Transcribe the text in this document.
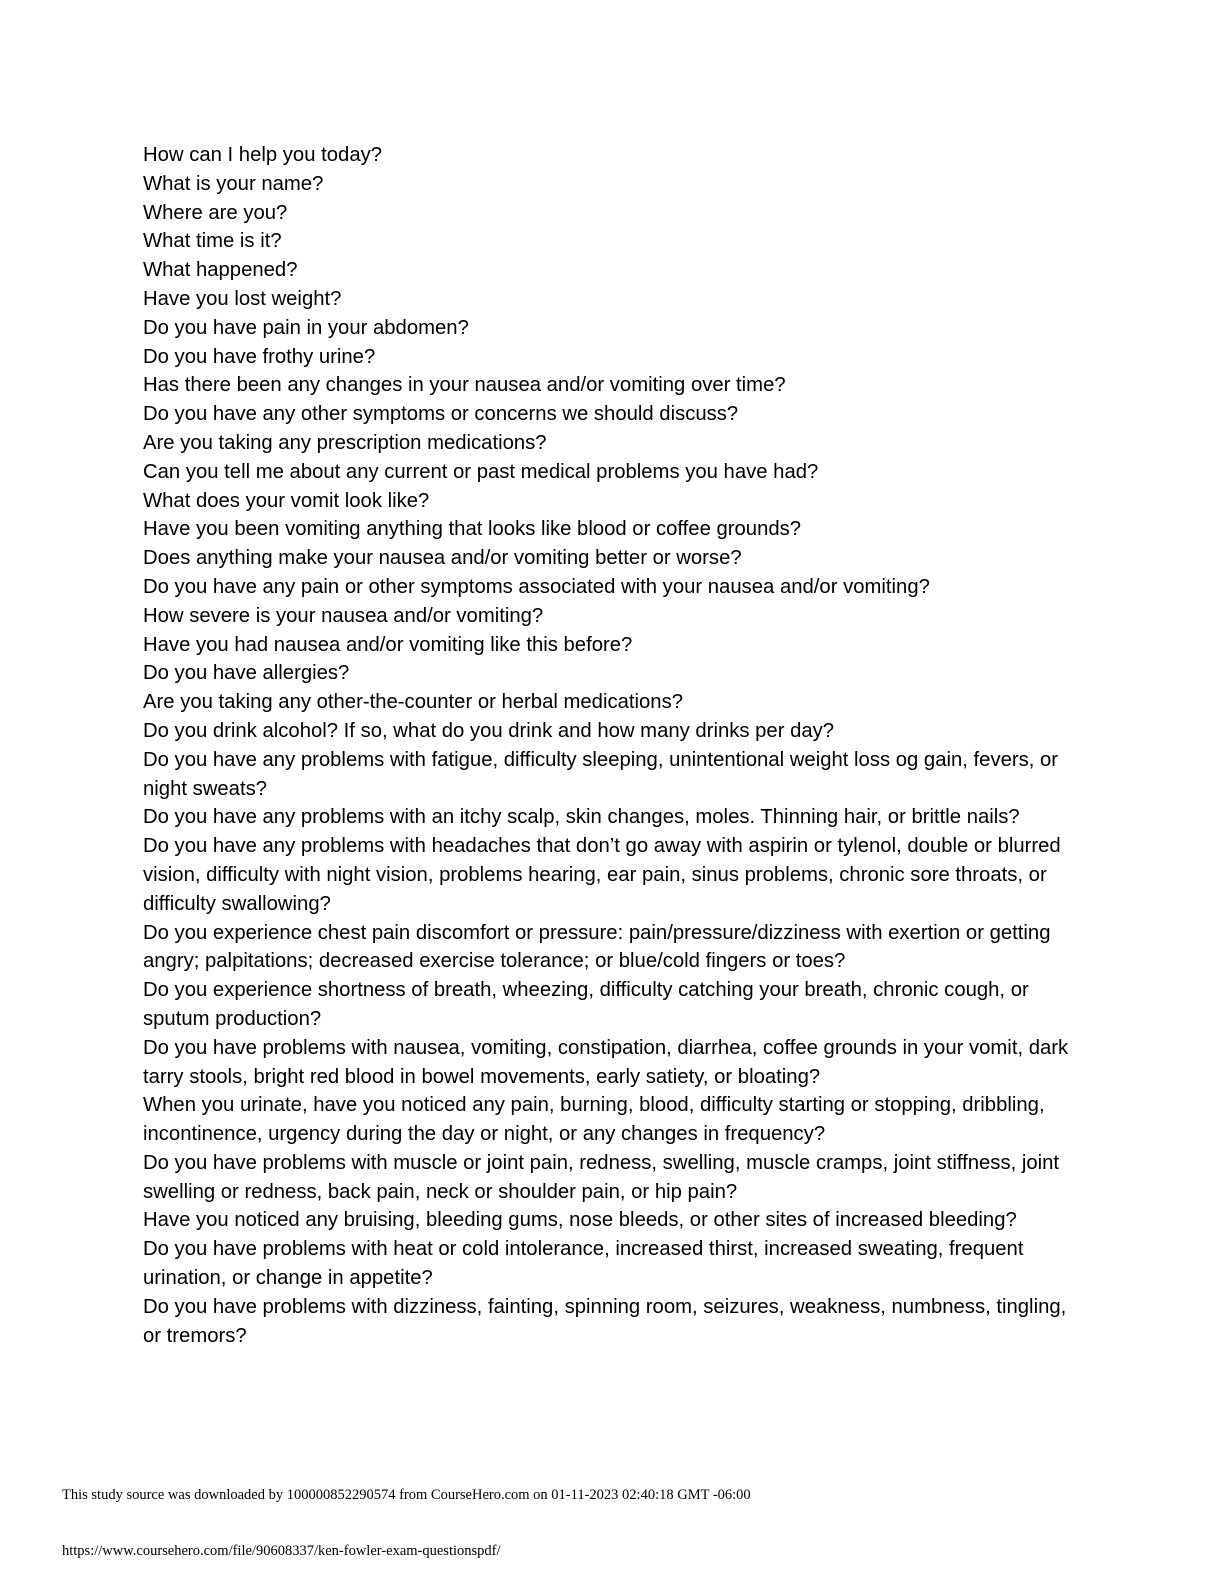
How can I help you today?
What is your name?
Where are you?
What time is it?
What happened?
Have you lost weight?
Do you have pain in your abdomen?
Do you have frothy urine?
Has there been any changes in your nausea and/or vomiting over time?
Do you have any other symptoms or concerns we should discuss?
Are you taking any prescription medications?
Can you tell me about any current or past medical problems you have had?
What does your vomit look like?
Have you been vomiting anything that looks like blood or coffee grounds?
Does anything make your nausea and/or vomiting better or worse?
Do you have any pain or other symptoms associated with your nausea and/or vomiting?
How severe is your nausea and/or vomiting?
Have you had nausea and/or vomiting like this before?
Do you have allergies?
Are you taking any other-the-counter or herbal medications?
Do you drink alcohol? If so, what do you drink and how many drinks per day?
Do you have any problems with fatigue, difficulty sleeping, unintentional weight loss og gain, fevers, or night sweats?
Do you have any problems with an itchy scalp, skin changes, moles. Thinning hair, or brittle nails?
Do you have any problems with headaches that don’t go away with aspirin or tylenol, double or blurred vision, difficulty with night vision, problems hearing, ear pain, sinus problems, chronic sore throats, or difficulty swallowing?
Do you experience chest pain discomfort or pressure: pain/pressure/dizziness with exertion or getting angry; palpitations; decreased exercise tolerance; or blue/cold fingers or toes?
Do you experience shortness of breath, wheezing, difficulty catching your breath, chronic cough, or sputum production?
Do you have problems with nausea, vomiting, constipation, diarrhea, coffee grounds in your vomit, dark tarry stools, bright red blood in bowel movements, early satiety, or bloating?
When you urinate, have you noticed any pain, burning, blood, difficulty starting or stopping, dribbling, incontinence, urgency during the day or night, or any changes in frequency?
Do you have problems with muscle or joint pain, redness, swelling, muscle cramps, joint stiffness, joint swelling or redness, back pain, neck or shoulder pain, or hip pain?
Have you noticed any bruising, bleeding gums, nose bleeds, or other sites of increased bleeding?
Do you have problems with heat or cold intolerance, increased thirst, increased sweating, frequent urination, or change in appetite?
Do you have problems with dizziness, fainting, spinning room, seizures, weakness, numbness, tingling, or tremors?
This study source was downloaded by 100000852290574 from CourseHero.com on 01-11-2023 02:40:18 GMT -06:00
https://www.coursehero.com/file/90608337/ken-fowler-exam-questionspdf/
